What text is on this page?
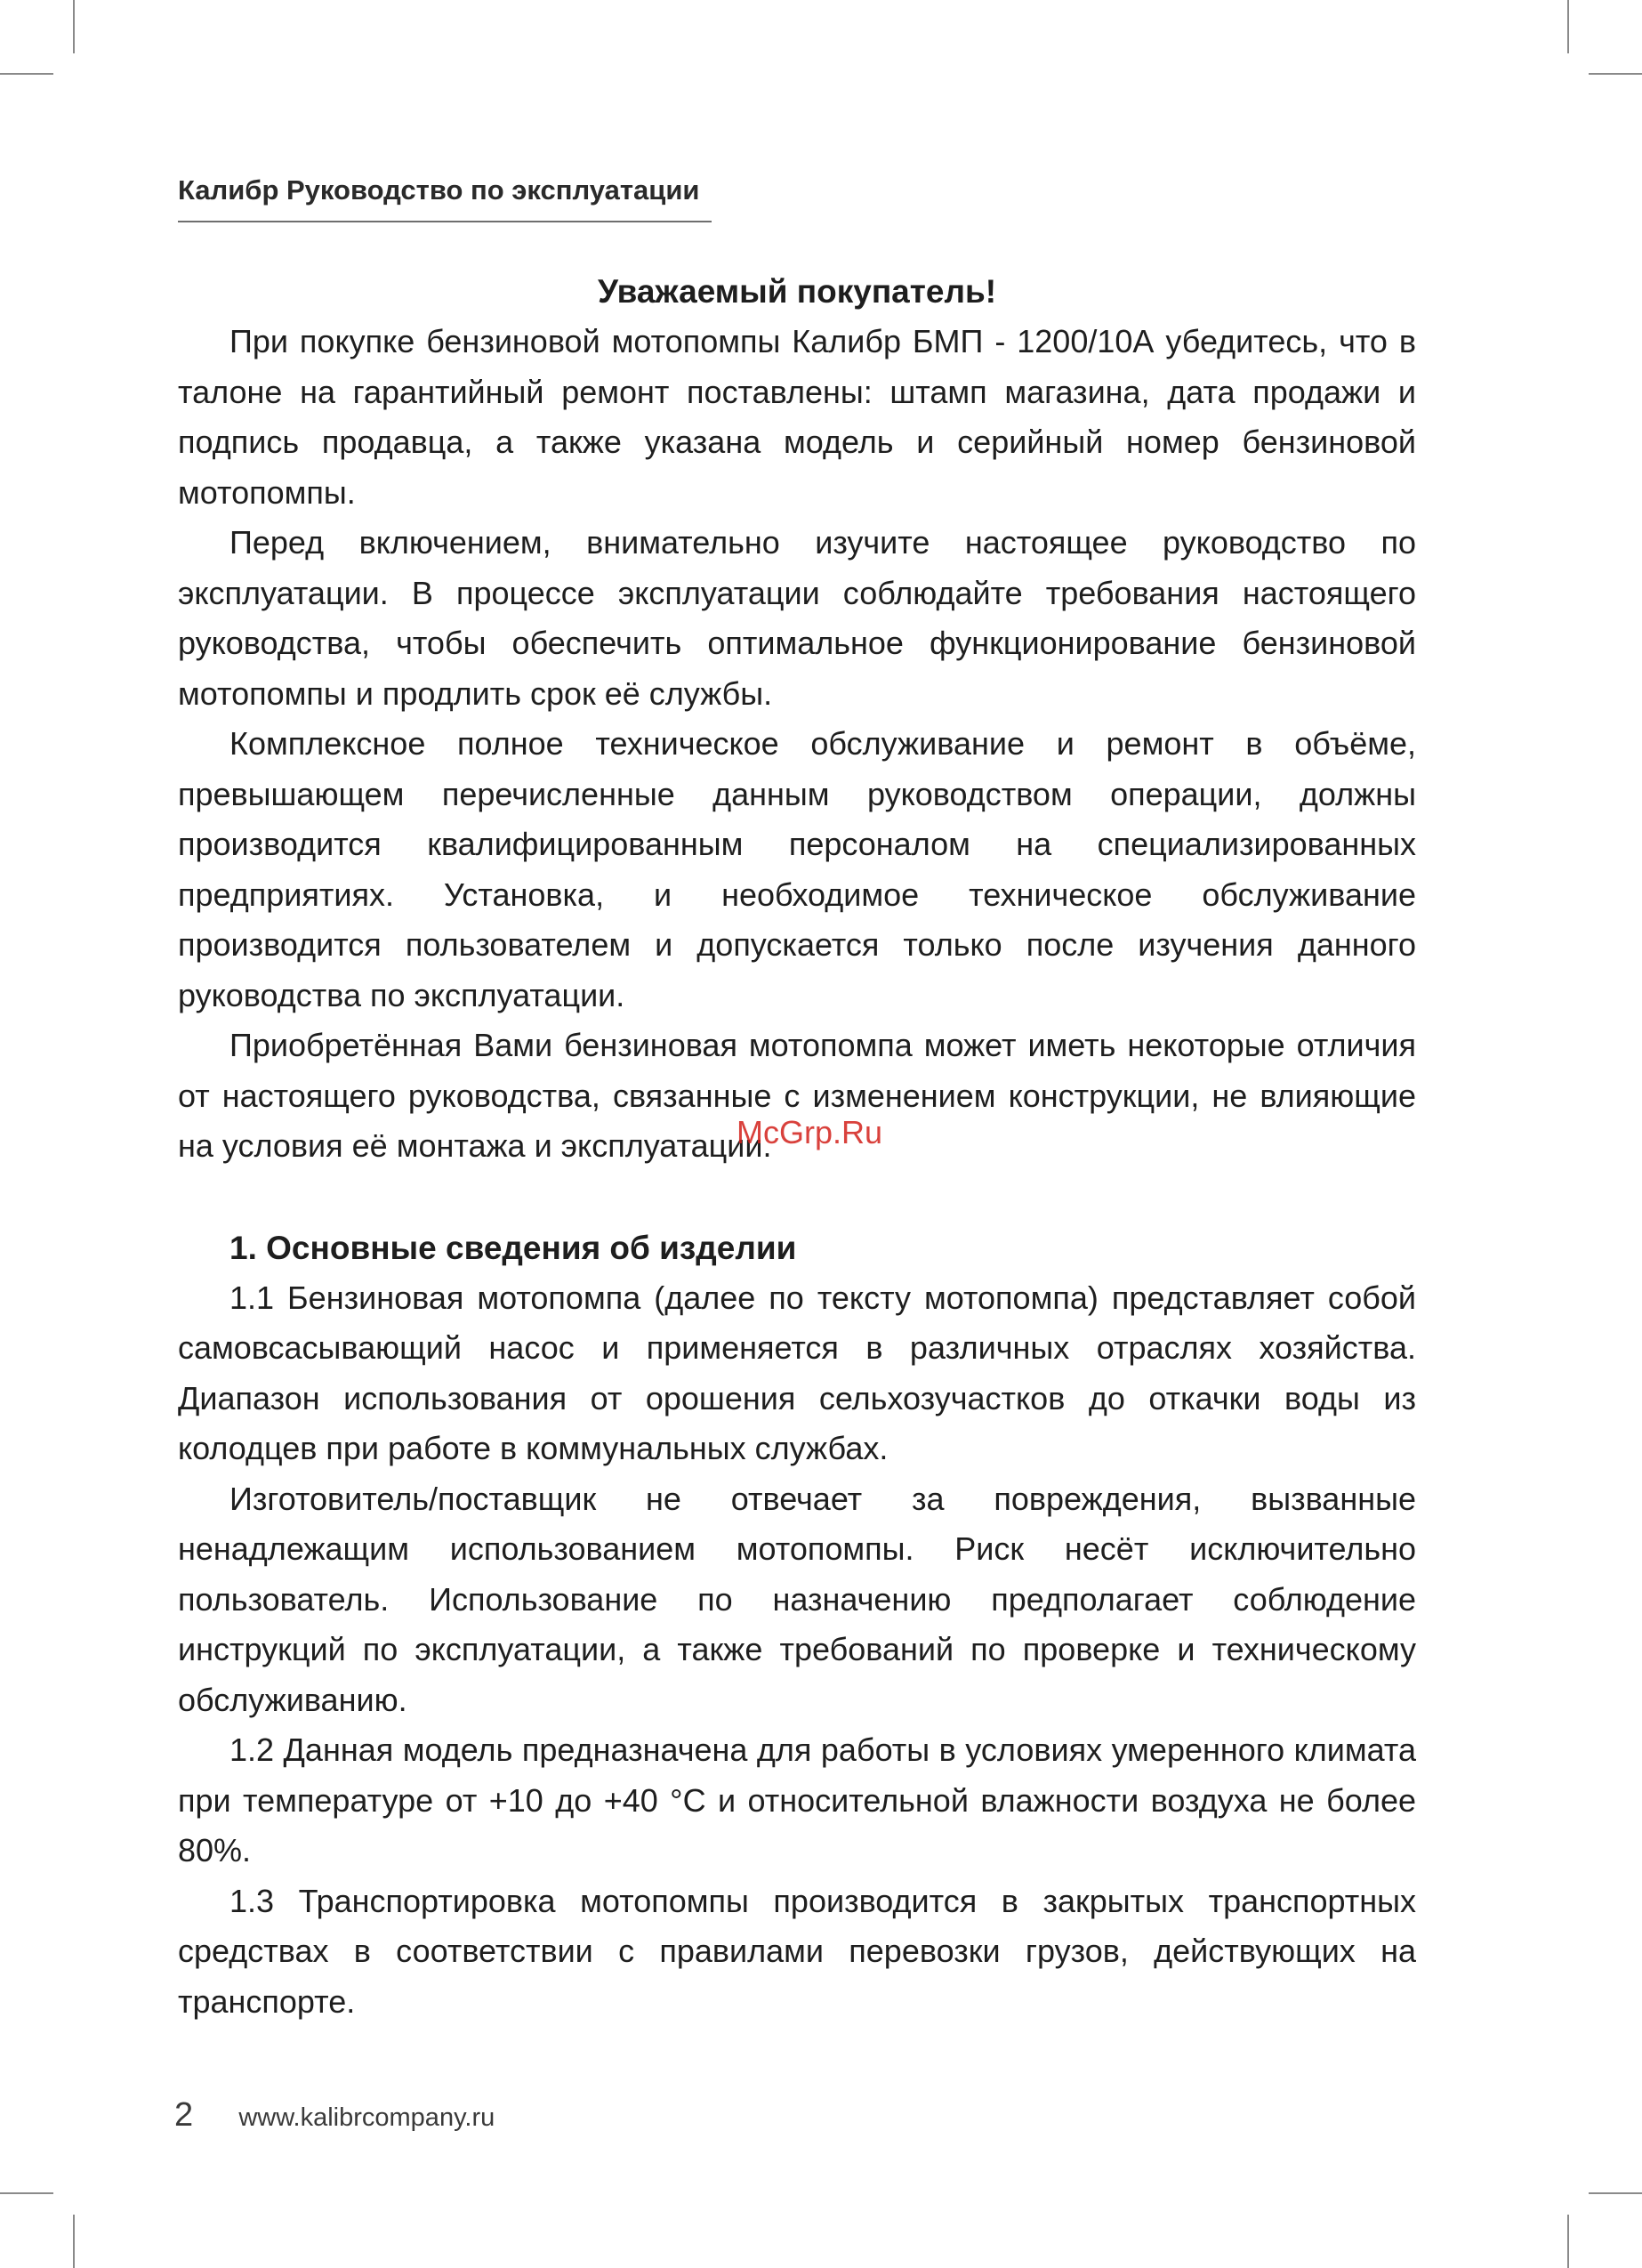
Калибр Руководство по эксплуатации
Уважаемый покупатель!

При покупке бензиновой мотопомпы Калибр БМП - 1200/10А убедитесь, что в талоне на гарантийный ремонт поставлены: штамп магазина, дата продажи и подпись продавца, а также указана модель и серийный номер бензиновой мотопомпы.

Перед включением, внимательно изучите настоящее руководство по эксплуатации. В процессе эксплуатации соблюдайте требования настоящего руководства, чтобы обеспечить оптимальное функционирование бензиновой мотопомпы и продлить срок её службы.

Комплексное полное техническое обслуживание и ремонт в объёме, превышающем перечисленные данным руководством операции, должны производится квалифицированным персоналом на специализированных предприятиях. Установка, и необходимое техническое обслуживание производится пользователем и допускается только после изучения данного руководства по эксплуатации.

Приобретённая Вами бензиновая мотопомпа может иметь некоторые отличия от настоящего руководства, связанные с изменением конструкции, не влияющие на условия её монтажа и эксплуатации.

1. Основные сведения об изделии

1.1 Бензиновая мотопомпа (далее по тексту мотопомпа) представляет собой самовсасывающий насос и применяется в различных отраслях хозяйства. Диапазон использования от орошения сельхозучастков до откачки воды из колодцев при работе в коммунальных службах.

Изготовитель/поставщик не отвечает за повреждения, вызванные ненадлежащим использованием мотопомпы. Риск несёт исключительно пользователь. Использование по назначению предполагает соблюдение инструкций по эксплуатации, а также требований по проверке и техническому обслуживанию.

1.2 Данная модель предназначена для работы в условиях умеренного климата при температуре от +10 до +40 °С и относительной влажности воздуха не более 80%.

1.3 Транспортировка мотопомпы производится в закрытых транспортных средствах в соответствии с правилами перевозки грузов, действующих на транспорте.

McGrp.Ru
2 www.kalibrcompany.ru
